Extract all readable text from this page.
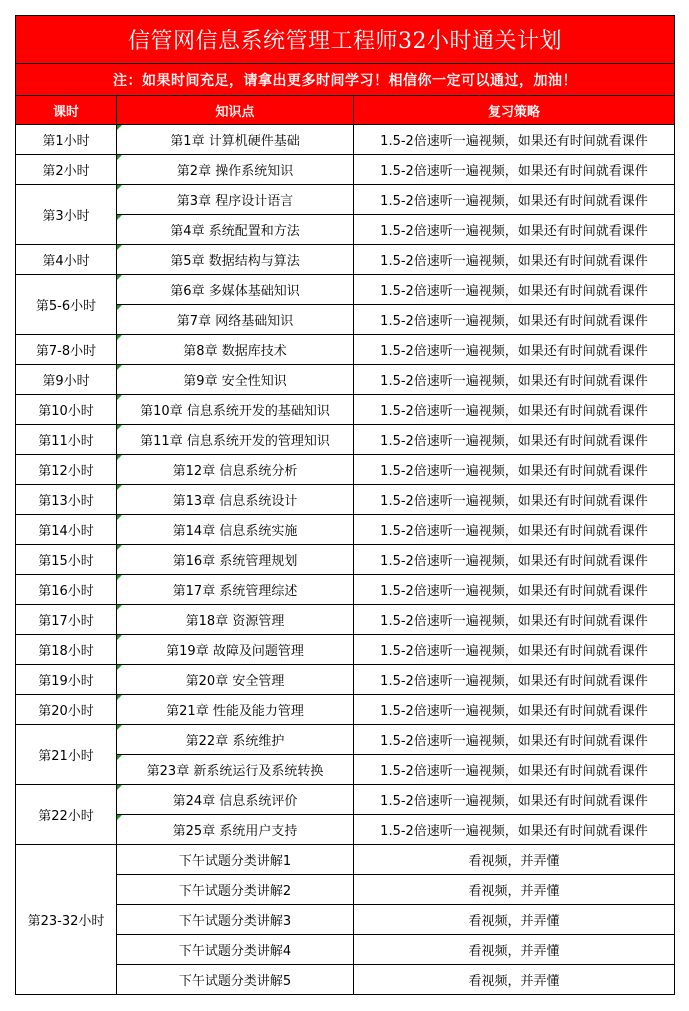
信管网信息系统管理工程师32小时通关计划		
注：如果时间充足，请拿出更多时间学习！相信你一定可以通过，加油！		
课时	知识点	复习策略
第1小时	第1章 计算机硬件基础	1.5-2倍速听一遍视频，如果还有时间就看课件
第2小时	第2章 操作系统知识	1.5-2倍速听一遍视频，如果还有时间就看课件
第3小时	第3章 程序设计语言	1.5-2倍速听一遍视频，如果还有时间就看课件
	第4章 系统配置和方法	1.5-2倍速听一遍视频，如果还有时间就看课件
第4小时	第5章 数据结构与算法	1.5-2倍速听一遍视频，如果还有时间就看课件
第5-6小时	第6章 多媒体基础知识	1.5-2倍速听一遍视频，如果还有时间就看课件
	第7章 网络基础知识	1.5-2倍速听一遍视频，如果还有时间就看课件
第7-8小时	第8章 数据库技术	1.5-2倍速听一遍视频，如果还有时间就看课件
第9小时	第9章 安全性知识	1.5-2倍速听一遍视频，如果还有时间就看课件
第10小时	第10章 信息系统开发的基础知识	1.5-2倍速听一遍视频，如果还有时间就看课件
第11小时	第11章 信息系统开发的管理知识	1.5-2倍速听一遍视频，如果还有时间就看课件
第12小时	第12章 信息系统分析	1.5-2倍速听一遍视频，如果还有时间就看课件
第13小时	第13章 信息系统设计	1.5-2倍速听一遍视频，如果还有时间就看课件
第14小时	第14章 信息系统实施	1.5-2倍速听一遍视频，如果还有时间就看课件
第15小时	第16章 系统管理规划	1.5-2倍速听一遍视频，如果还有时间就看课件
第16小时	第17章 系统管理综述	1.5-2倍速听一遍视频，如果还有时间就看课件
第17小时	第18章 资源管理	1.5-2倍速听一遍视频，如果还有时间就看课件
第18小时	第19章 故障及问题管理	1.5-2倍速听一遍视频，如果还有时间就看课件
第19小时	第20章 安全管理	1.5-2倍速听一遍视频，如果还有时间就看课件
第20小时	第21章 性能及能力管理	1.5-2倍速听一遍视频，如果还有时间就看课件
第21小时	第22章 系统维护	1.5-2倍速听一遍视频，如果还有时间就看课件
	第23章 新系统运行及系统转换	1.5-2倍速听一遍视频，如果还有时间就看课件
第22小时	第24章 信息系统评价	1.5-2倍速听一遍视频，如果还有时间就看课件
	第25章 系统用户支持	1.5-2倍速听一遍视频，如果还有时间就看课件
第23-32小时	下午试题分类讲解1	看视频，并弄懂
	下午试题分类讲解2	看视频，并弄懂
	下午试题分类讲解3	看视频，并弄懂
	下午试题分类讲解4	看视频，并弄懂
	下午试题分类讲解5	看视频，并弄懂
